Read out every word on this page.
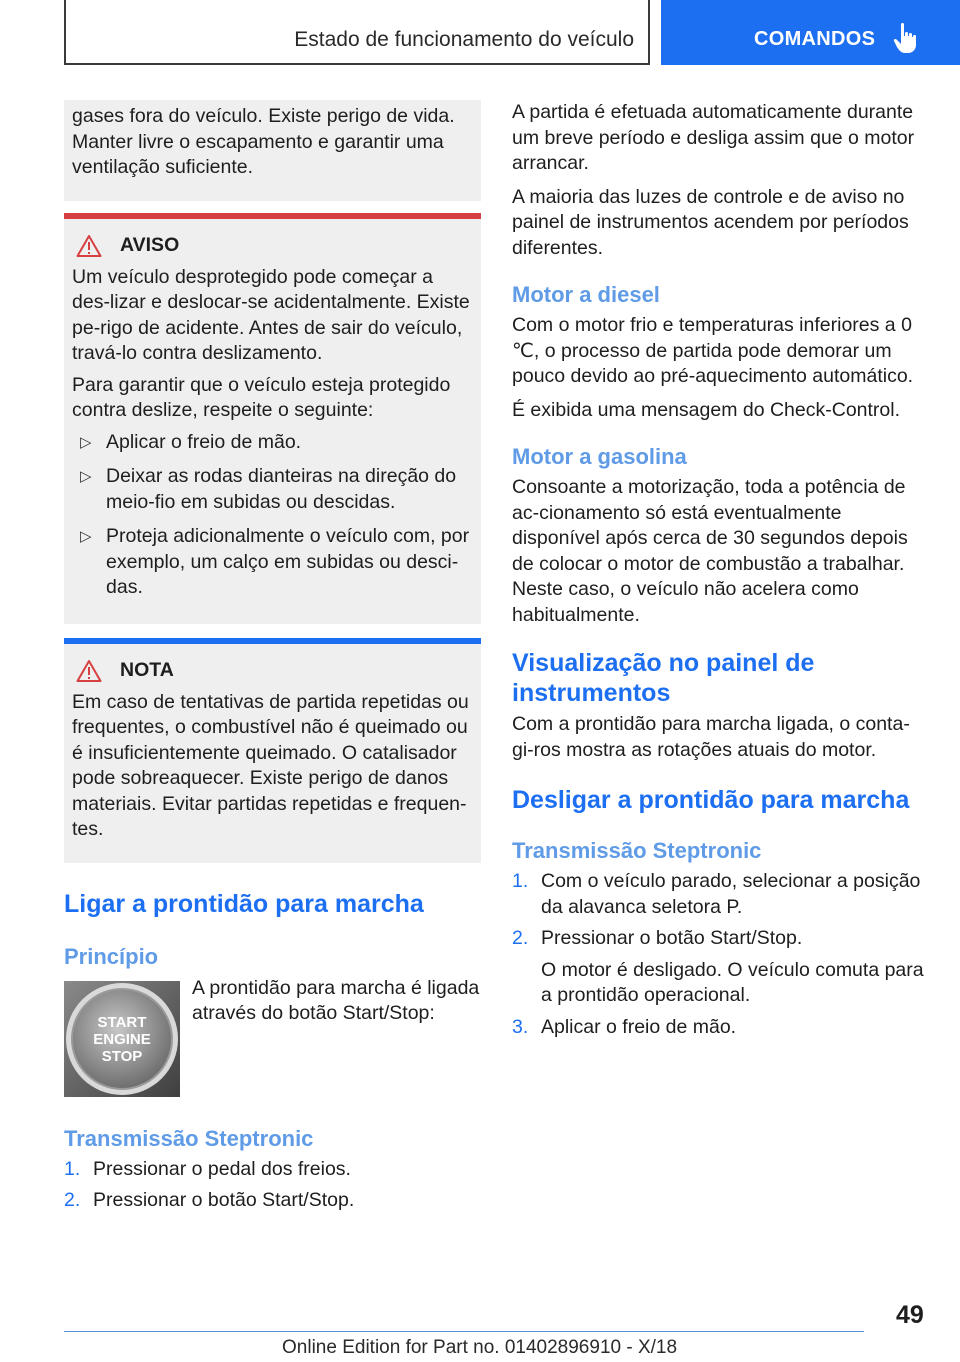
Estado de funcionamento do veículo	COMANDOS

gases fora do veículo. Existe perigo de vida. Manter livre o escapamento e garantir uma ventilação suficiente.

AVISO

Um veículo desprotegido pode começar a des-lizar e deslocar-se acidentalmente. Existe pe-rigo de acidente. Antes de sair do veículo, travá-lo contra deslizamento.

Para garantir que o veículo esteja protegido contra deslize, respeite o seguinte:

▷ Aplicar o freio de mão.
▷ Deixar as rodas dianteiras na direção do meio-fio em subidas ou descidas.
▷ Proteja adicionalmente o veículo com, por exemplo, um calço em subidas ou desci-das.
NOTA

Em caso de tentativas de partida repetidas ou frequentes, o combustível não é queimado ou é insuficientemente queimado. O catalisador pode sobreaquecer. Existe perigo de danos materiais. Evitar partidas repetidas e frequen-tes.

Ligar a prontidão para marcha
Princípio
START
ENGINE
STOP

A prontidão para marcha é ligada através do botão Start/Stop:

Transmissão Steptronic
1. Pressionar o pedal dos freios.
2. Pressionar o botão Start/Stop.

A partida é efetuada automaticamente durante um breve período e desliga assim que o motor arrancar.

A maioria das luzes de controle e de aviso no painel de instrumentos acendem por períodos diferentes.

Motor a diesel

Com o motor frio e temperaturas inferiores a 0 ℃, o processo de partida pode demorar um pouco devido ao pré-aquecimento automático.

É exibida uma mensagem do Check-Control.

Motor a gasolina

Consoante a motorização, toda a potência de ac-cionamento só está eventualmente disponível após cerca de 30 segundos depois de colocar o motor de combustão a trabalhar. Neste caso, o veículo não acelera como habitualmente.

Visualização no painel de instrumentos

Com a prontidão para marcha ligada, o conta-gi-ros mostra as rotações atuais do motor.

Desligar a prontidão para marcha
Transmissão Steptronic
1. Com o veículo parado, selecionar a posição da alavanca seletora P.
2. Pressionar o botão Start/Stop.
O motor é desligado. O veículo comuta para a prontidão operacional.
3. Aplicar o freio de mão.
49
Online Edition for Part no. 01402896910 - X/18
